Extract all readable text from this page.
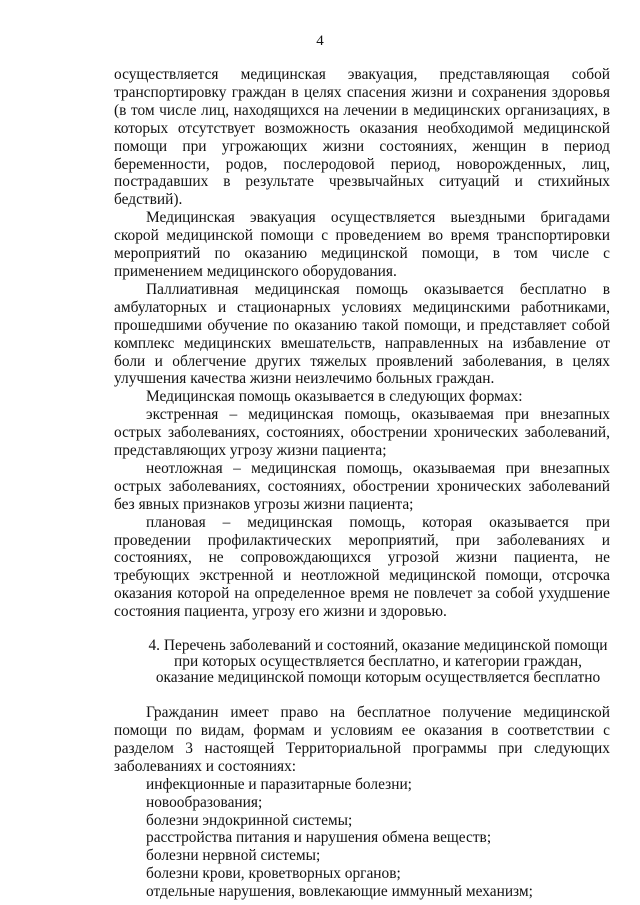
4

осуществляется медицинская эвакуация, представляющая собой транспортировку граждан в целях спасения жизни и сохранения здоровья (в том числе лиц, находящихся на лечении в медицинских организациях, в которых отсутствует возможность оказания необходимой медицинской помощи при угрожающих жизни состояниях, женщин в период беременности, родов, послеродовой период, новорожденных, лиц, пострадавших в результате чрезвычайных ситуаций и стихийных бедствий).

Медицинская эвакуация осуществляется выездными бригадами скорой медицинской помощи с проведением во время транспортировки мероприятий по оказанию медицинской помощи, в том числе с применением медицинского оборудования.

Паллиативная медицинская помощь оказывается бесплатно в амбулаторных и стационарных условиях медицинскими работниками, прошедшими обучение по оказанию такой помощи, и представляет собой комплекс медицинских вмешательств, направленных на избавление от боли и облегчение других тяжелых проявлений заболевания, в целях улучшения качества жизни неизлечимо больных граждан.

Медицинская помощь оказывается в следующих формах:

экстренная – медицинская помощь, оказываемая при внезапных острых заболеваниях, состояниях, обострении хронических заболеваний, представляющих угрозу жизни пациента;

неотложная – медицинская помощь, оказываемая при внезапных острых заболеваниях, состояниях, обострении хронических заболеваний без явных признаков угрозы жизни пациента;

плановая – медицинская помощь, которая оказывается при проведении профилактических мероприятий, при заболеваниях и состояниях, не сопровождающихся угрозой жизни пациента, не требующих экстренной и неотложной медицинской помощи, отсрочка оказания которой на определенное время не повлечет за собой ухудшение состояния пациента, угрозу его жизни и здоровью.

4. Перечень заболеваний и состояний, оказание медицинской помощи при которых осуществляется бесплатно, и категории граждан, оказание медицинской помощи которым осуществляется бесплатно

Гражданин имеет право на бесплатное получение медицинской помощи по видам, формам и условиям ее оказания в соответствии с разделом 3 настоящей Территориальной программы при следующих заболеваниях и состояниях:

инфекционные и паразитарные болезни;

новообразования;

болезни эндокринной системы;

расстройства питания и нарушения обмена веществ;

болезни нервной системы;

болезни крови, кроветворных органов;

отдельные нарушения, вовлекающие иммунный механизм;
